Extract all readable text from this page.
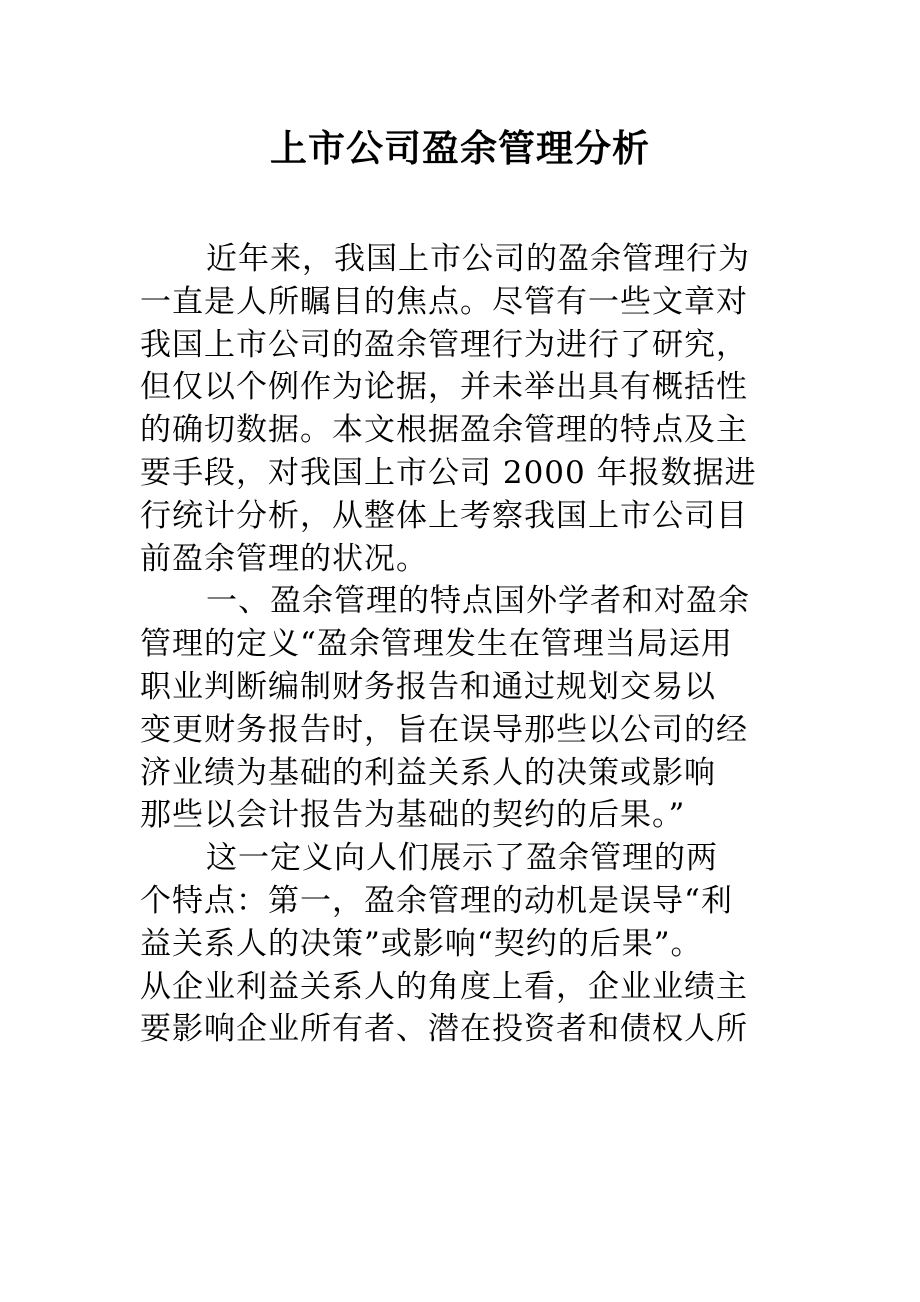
上市公司盈余管理分析
近年来，我国上市公司的盈余管理行为
一直是人所瞩目的焦点。尽管有一些文章对
我国上市公司的盈余管理行为进行了研究，
但仅以个例作为论据，并未举出具有概括性
的确切数据。本文根据盈余管理的特点及主
要手段，对我国上市公司 2000 年报数据进
行统计分析，从整体上考察我国上市公司目
前盈余管理的状况。
一、盈余管理的特点国外学者和对盈余
管理的定义“盈余管理发生在管理当局运用
职业判断编制财务报告和通过规划交易以
变更财务报告时，旨在误导那些以公司的经
济业绩为基础的利益关系人的决策或影响
那些以会计报告为基础的契约的后果。”
这一定义向人们展示了盈余管理的两
个特点：第一，盈余管理的动机是误导“利
益关系人的决策”或影响“契约的后果”。
从企业利益关系人的角度上看，企业业绩主
要影响企业所有者、潜在投资者和债权人所
